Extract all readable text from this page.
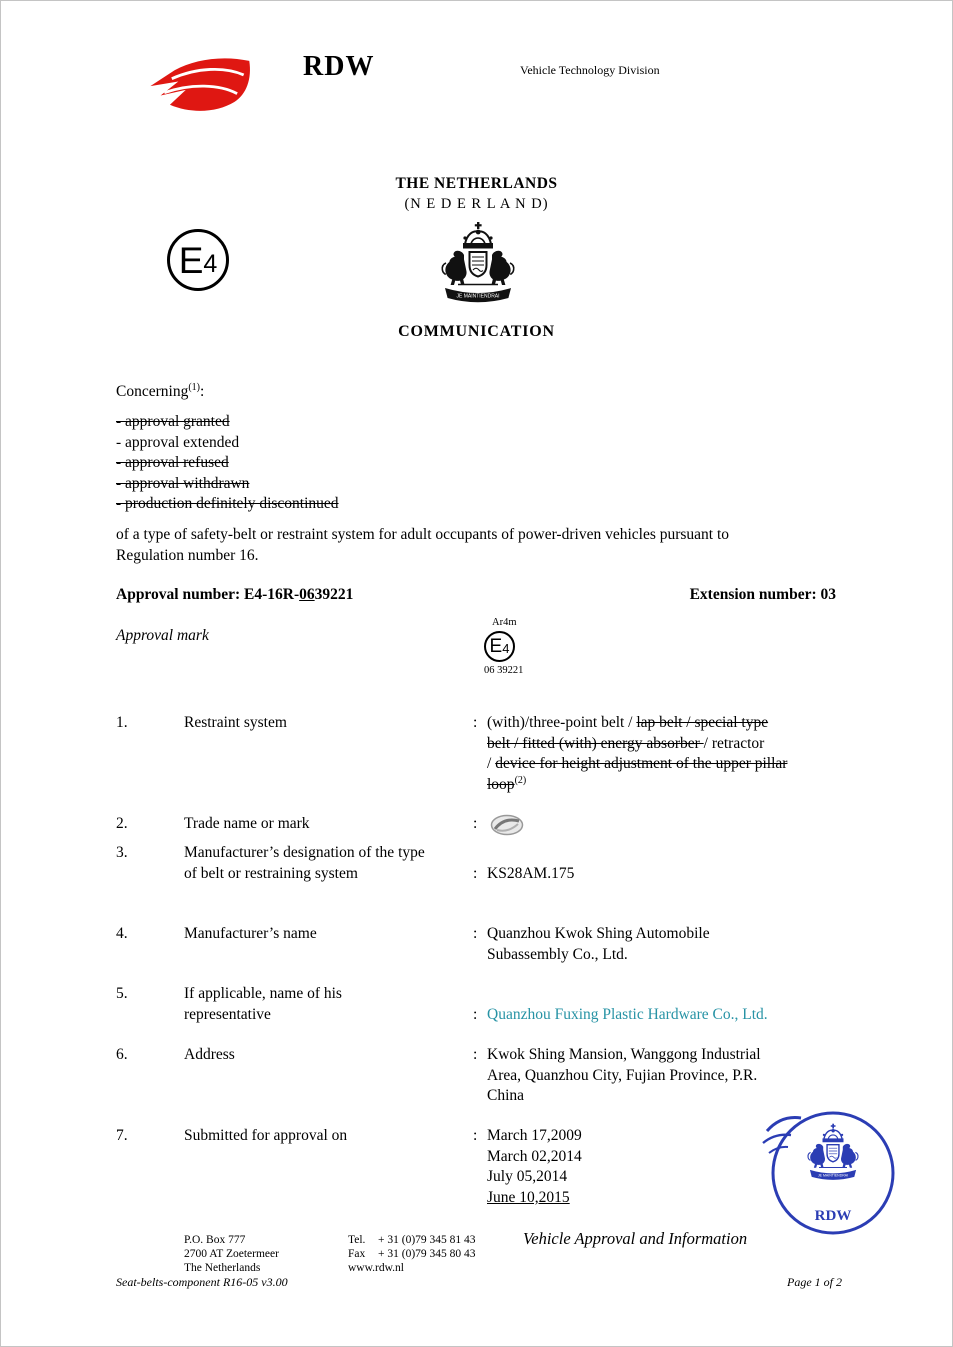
RDW	Vehicle Technology Division
THE NETHERLANDS
(N E D E R L A N D)
E 4
JE MAINTIENDRAI
COMMUNICATION
Concerning$^{(1)}$:
- approval granted
- approval extended
- approval refused
- approval withdrawn
- production definitely discontinued
of a type of safety-belt or restraint system for adult occupants of power-driven vehicles pursuant to
Regulation number 16.
Approval number: E4-16R-0639221	Extension number: 03
Approval mark
Ar4m
E 4
06 39221
1.	Restraint system	: (with)/three-point belt / lap belt / special type
belt / fitted (with) energy absorber / retractor
/ device for height adjustment of the upper pillar
loop$^{(2)}$
2.	Trade name or mark	:
3.	Manufacturer’s designation of the type
of belt or restraining system	: KS28AM.175
4.	Manufacturer’s name	: Quanzhou Kwok Shing Automobile
Subassembly Co., Ltd.
5.	If applicable, name of his
representative	: Quanzhou Fuxing Plastic Hardware Co., Ltd.
6.	Address	: Kwok Shing Mansion, Wanggong Industrial
Area, Quanzhou City, Fujian Province, P.R.
China
7.	Submitted for approval on	: March 17,2009
March 02,2014
July 05,2014
June 10,2015
RDW
P.O. Box 777
2700 AT Zoetermeer
The Netherlands
Tel. + 31 (0)79 345 81 43
Fax + 31 (0)79 345 80 43
www.rdw.nl
Vehicle Approval and Information
Seat-belts-component R16-05 v3.00	Page 1 of 2
